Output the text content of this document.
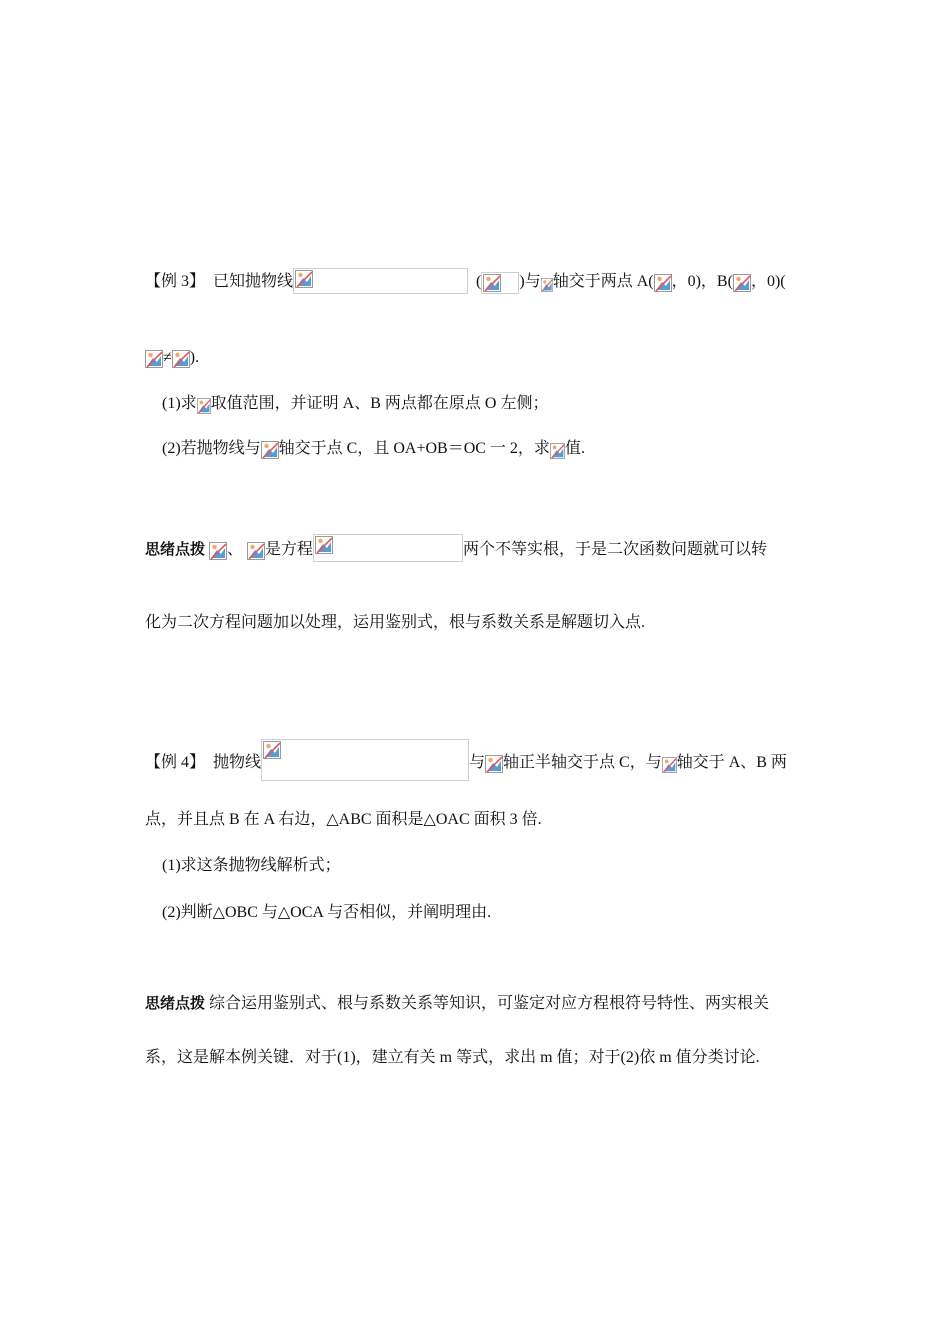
【例 3】 已知抛物线	( )与 轴交于两点 A( ，0)，B( ，0)(
≠ ).
(1)求 取值范围，并证明 A、B 两点都在原点 O 左侧；
(2)若抛物线与 轴交于点 C，且 OA+OB＝OC 一 2，求 值.
思绪点拨 、 是方程	两个不等实根，于是二次函数问题就可以转
化为二次方程问题加以处理，运用鉴别式，根与系数关系是解题切入点.
【例 4】 抛物线	与 轴正半轴交于点 C，与 轴交于 A、B 两
点，并且点 B 在 A 右边，△ABC 面积是△OAC 面积 3 倍.
(1)求这条抛物线解析式；
(2)判断△OBC 与△OCA 与否相似，并阐明理由.
思绪点拨 综合运用鉴别式、根与系数关系等知识，可鉴定对应方程根符号特性、两实根关
系，这是解本例关键．对于(1)，建立有关 m 等式，求出 m 值；对于(2)依 m 值分类讨论.
